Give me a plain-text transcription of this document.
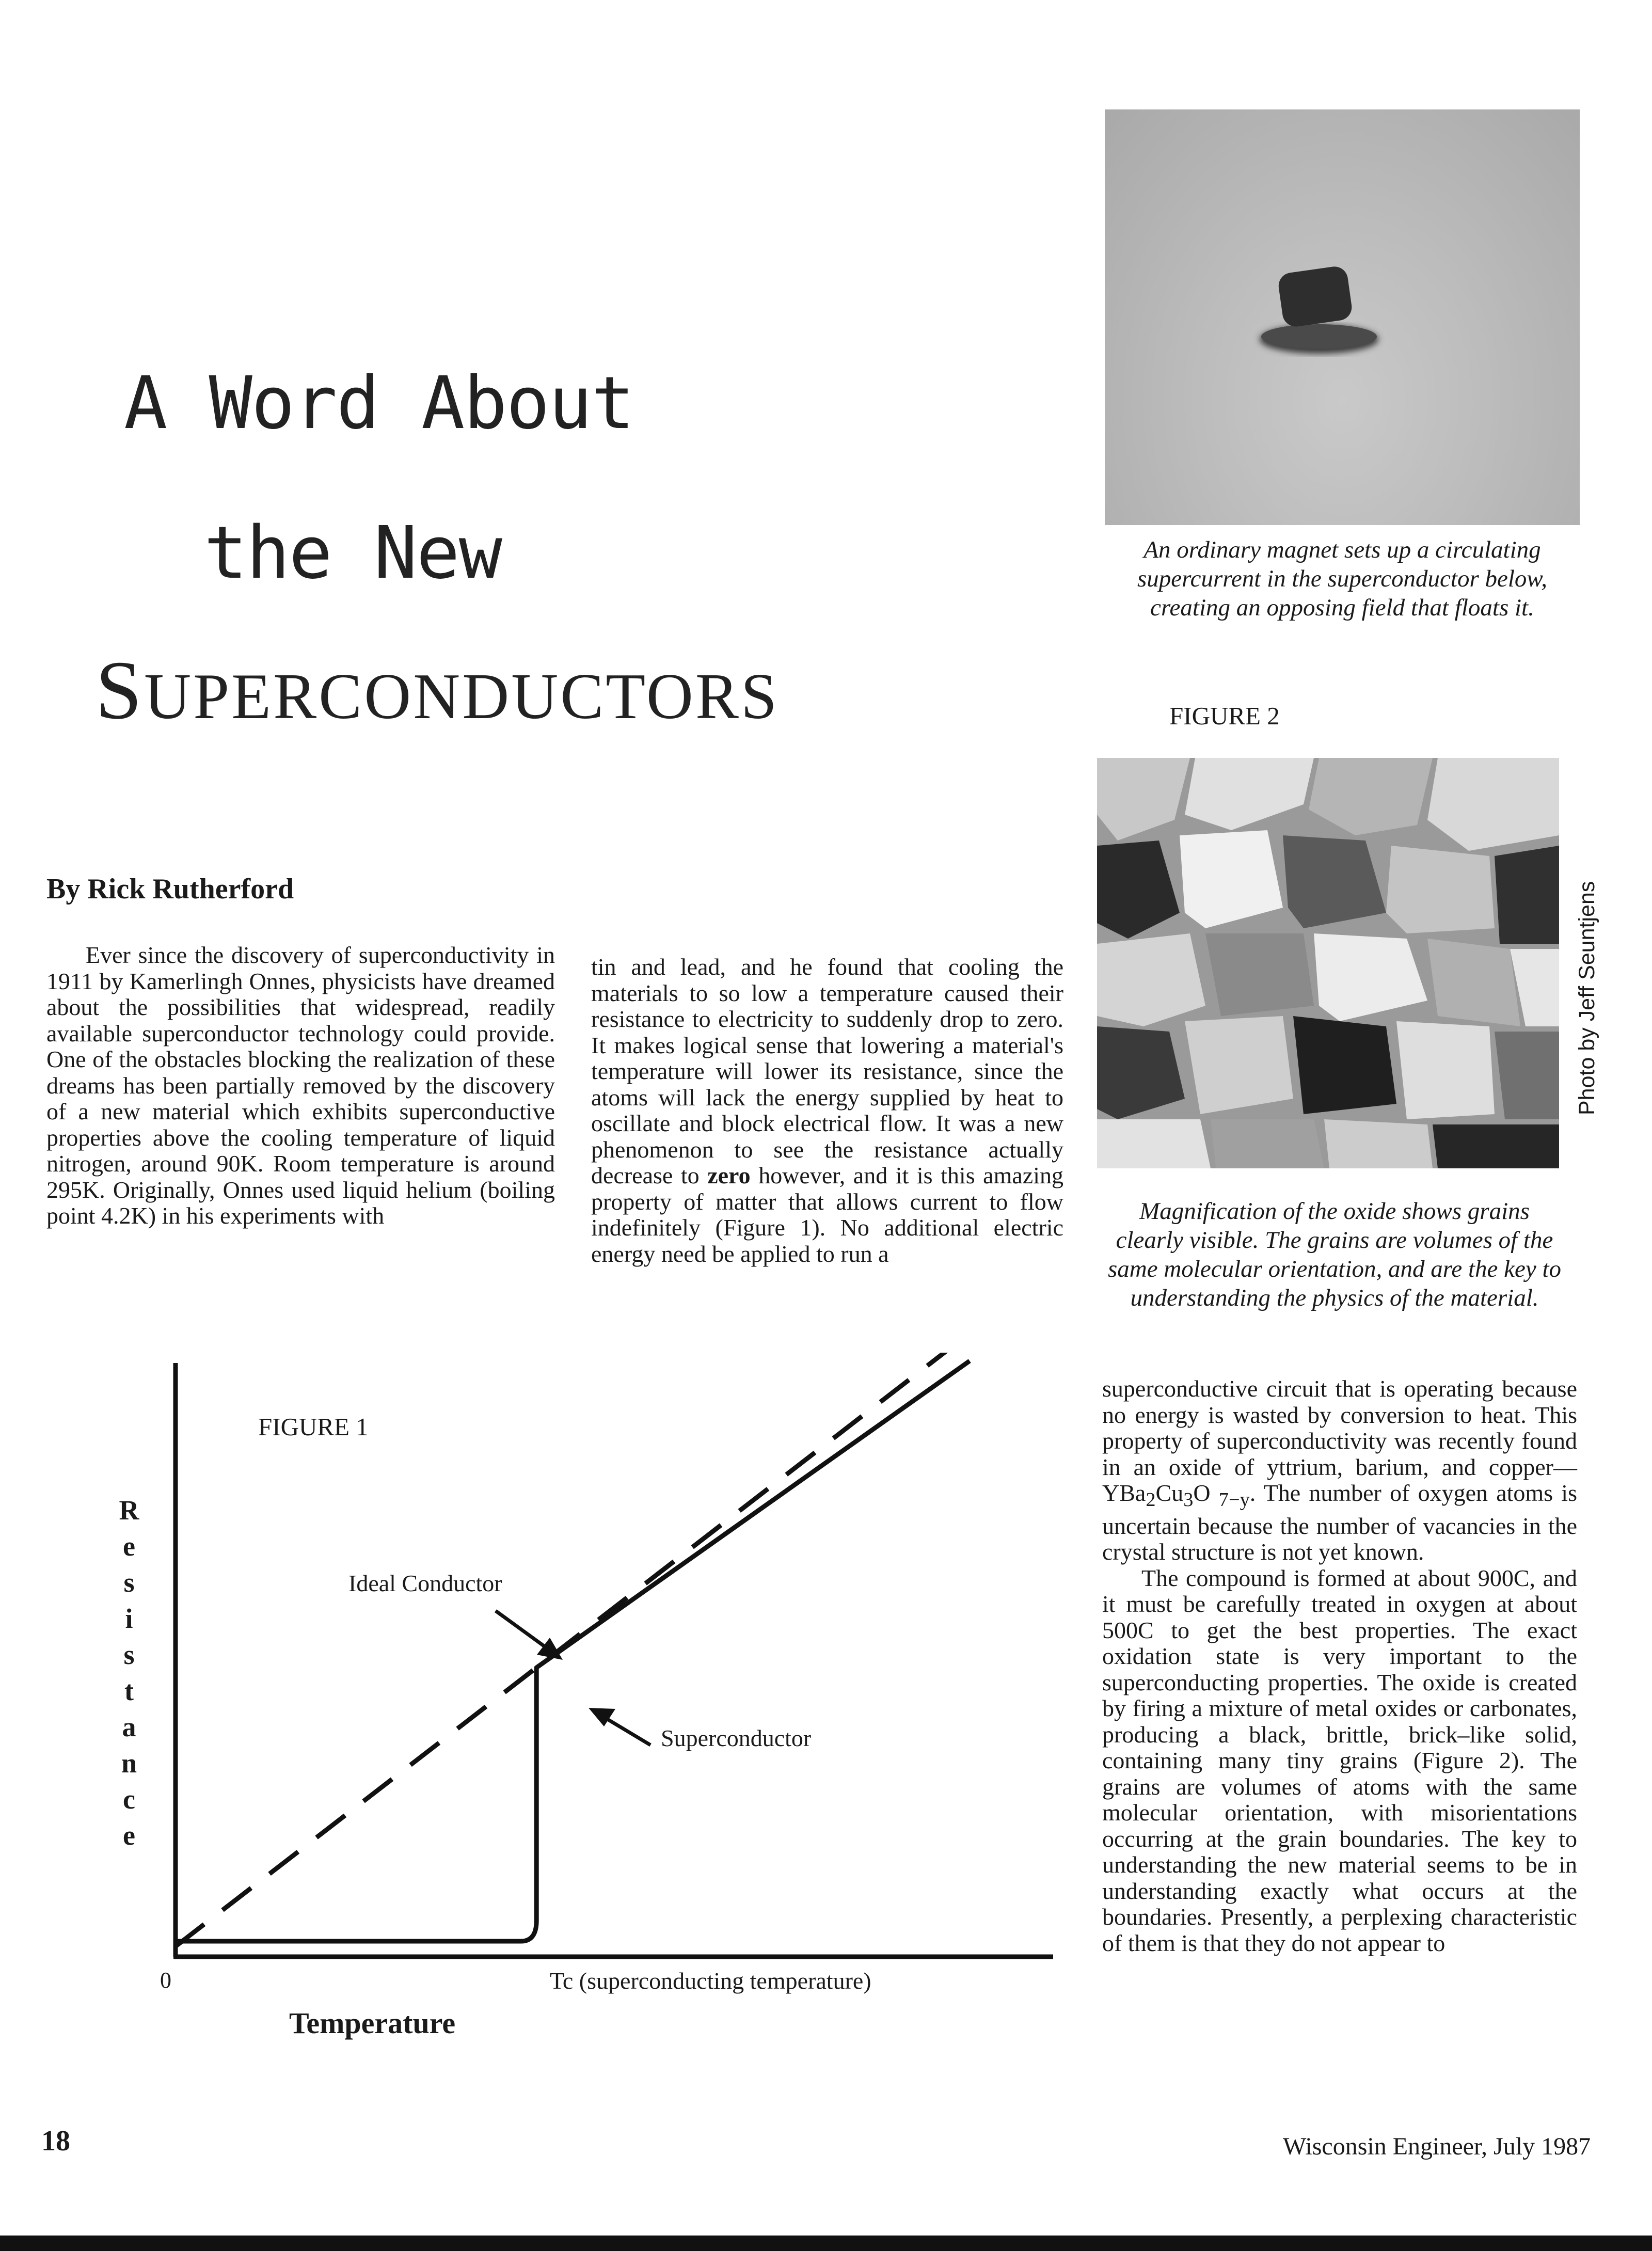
A Word About
the New
SUPERCONDUCTORS
An ordinary magnet sets up a circulating
supercurrent in the superconductor below,
creating an opposing field that floats it.
FIGURE 2
Photo by Jeff Seuntjens
Magnification of the oxide shows grains
clearly visible. The grains are volumes of the
same molecular orientation, and are the key to
understanding the physics of the material.
By Rick Rutherford

Ever since the discovery of superconductivity in 1911 by Kamerlingh Onnes, physicists have dreamed about the possibilities that widespread, readily available superconductor technology could provide. One of the obstacles blocking the realization of these dreams has been partially removed by the discovery of a new material which exhibits superconductive properties above the cooling temperature of liquid nitrogen, around 90K. Room temperature is around 295K. Originally, Onnes used liquid helium (boiling point 4.2K) in his experiments with

tin and lead, and he found that cooling the materials to so low a temperature caused their resistance to electricity to suddenly drop to zero. It makes logical sense that lowering a material's temperature will lower its resistance, since the atoms will lack the energy supplied by heat to oscillate and block electrical flow. It was a new phenomenon to see the resistance actually decrease to zero however, and it is this amazing property of matter that allows current to flow indefinitely (Figure 1). No additional electric energy need be applied to run a

superconductive circuit that is operating because no energy is wasted by conversion to heat. This property of superconductivity was recently found in an oxide of yttrium, barium, and $copper—YBa_2Cu_3O$ $_{7-y}$. The number of oxygen atoms is uncertain because the number of vacancies in the crystal structure is not yet known.

The compound is formed at about 900C, and it must be carefully treated in oxygen at about 500C to get the best properties. The exact oxidation state is very important to the superconducting properties. The oxide is created by firing a mixture of metal oxides or carbonates, producing a black, brittle, brick–like solid, containing many tiny grains (Figure 2). The grains are volumes of atoms with the same molecular orientation, with misorientations occurring at the grain boundaries. The key to understanding the new material seems to be in understanding exactly what occurs at the boundaries. Presently, a perplexing characteristic of them is that they do not appear to

FIGURE 1
R
e
s
i
s
t
a
n
c
e
Ideal Conductor
Superconductor
0	Tc (superconducting temperature)
Temperature
18	Wisconsin Engineer, July 1987
